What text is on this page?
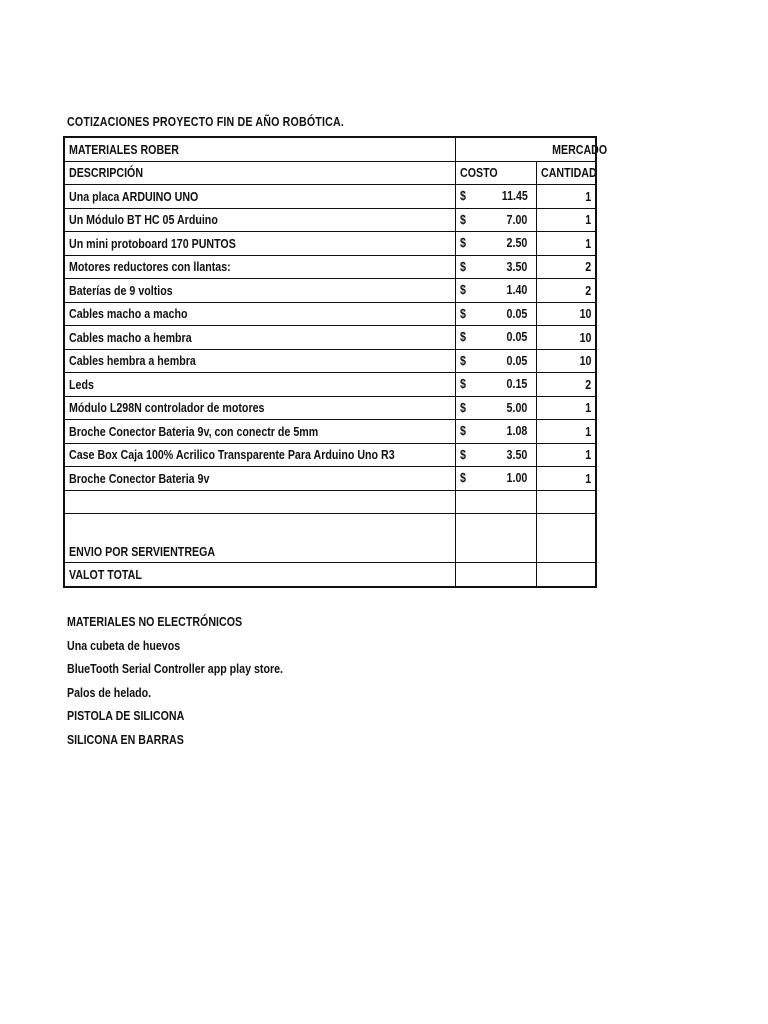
COTIZACIONES PROYECTO FIN DE AÑO ROBÓTICA.
MATERIALES ROBER		MERCADO
DESCRIPCIÓN	COSTO	CANTIDAD
Una placa ARDUINO UNO	$ 11.45	1
Un Módulo BT HC 05 Arduino	$ 7.00	1
Un mini protoboard 170 PUNTOS	$ 2.50	1
Motores reductores con llantas:	$ 3.50	2
Baterías de 9 voltios	$ 1.40	2
Cables macho a macho	$ 0.05	10
Cables macho a hembra	$ 0.05	10
Cables hembra a hembra	$ 0.05	10
Leds	$ 0.15	2
Módulo L298N controlador de motores	$ 5.00	1
Broche Conector Bateria 9v, con conectr de 5mm	$ 1.08	1
Case Box Caja 100% Acrilico Transparente Para Arduino Uno R3	$ 3.50	1
Broche Conector Bateria 9v	$ 1.00	1

ENVIO POR SERVIENTREGA		
VALOT TOTAL		
MATERIALES NO ELECTRÓNICOS
Una cubeta de huevos
BlueTooth Serial Controller app play store.
Palos de helado.
PISTOLA DE SILICONA
SILICONA EN BARRAS
